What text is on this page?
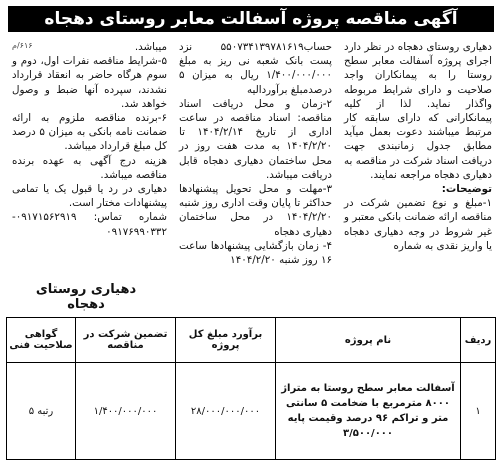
آگهی مناقصه پروژه آسفالت معابر روستای دهجاه
۶۱۶/م	دهیاری روستای دهجاه در نظر دارد اجرای پروژه آسفالت معابر سطح روستا را به پیمانکاران واجد صلاحیت و دارای شرایط مربوطه واگذار نماید. لذا از کلیه پیمانکارانی که دارای سابقه کار مرتبط میباشند دعوت بعمل میآید مطابق جدول زمانبندی جهت دریافت اسناد شرکت در مناقصه به دهیاری دهجاه مراجعه نمایند.

توضیحات:

۱-مبلغ و نوع تضمین شرکت در مناقصه ارائه ضمانت بانکی معتبر و غیر شروط در وجه دهیاری دهجاه یا واریز نقدی به شماره

حساب۵۵۰۷۳۴۱۳۹۷۸۱۶۱۹ نزد پست بانک شعبه نی ریز به مبلغ ۱/۴۰۰/۰۰۰/۰۰۰ ریال به میزان ۵ درصدمبلغ برآوردالیه

۲-زمان و محل دریافت اسناد مناقصه: اسناد مناقصه در ساعت اداری از تاریخ ۱۴۰۴/۲/۱۴ تا ۱۴۰۴/۲/۲۰ به مدت هفت روز در محل ساختمان دهیاری دهجاه قابل دریافت میباشد.

۳-مهلت و محل تحویل پیشنهادها حداکثر تا پایان وقت اداری روز شنبه ۱۴۰۴/۲/۲۰ در محل ساختمان دهیاری دهجاه

۴- زمان بازگشایی پیشنهادها ساعت ۱۶ روز شنبه ۱۴۰۴/۲/۲۰

میباشد.

۵-شرایط مناقصه نفرات اول، دوم و سوم هرگاه حاضر به انعقاد قرارداد نشدند، سپرده آنها ضبط و وصول خواهد شد.

۶-برنده مناقصه ملزوم به ارائه ضمانت نامه بانکی به میزان ۵ درصد کل مبلغ قرارداد میباشد.

هزینه درج آگهی به عهده برنده مناقصه میباشد.

دهیاری در رد یا قبول یک یا تمامی پیشنهادات مختار است.

شماره تماس: ۰۹۱۷۱۵۶۲۹۱۹- ۰۹۱۷۶۹۹۰۳۳۲

دهیاری روستای دهجاه
ردیف	نام پروژه	برآورد مبلغ کل پروژه	تضمین شرکت در مناقصه	گواهی صلاحیت فنی
۱	آسفالت معابر سطح روستا به متراژ ۸۰۰۰ مترمربع با ضخامت ۵ سانتی متر و تراکم ۹۶ درصد وقیمت پایه ۳/۵۰۰/۰۰۰	۲۸/۰۰۰/۰۰۰/۰۰۰	۱/۴۰۰/۰۰۰/۰۰۰	رتبه ۵
